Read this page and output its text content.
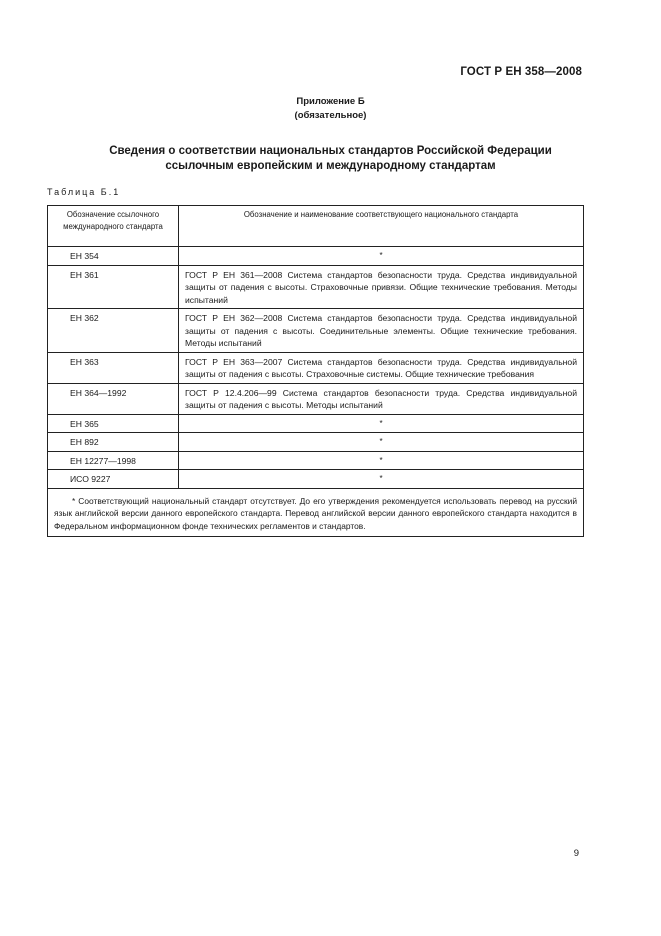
ГОСТ Р ЕН 358—2008
Приложение Б
(обязательное)
Сведения о соответствии национальных стандартов Российской Федерации
ссылочным европейским и международному стандартам
Таблица Б.1
Обозначение ссылочного
международного стандарта	Обозначение и наименование соответствующего национального стандарта
ЕН 354	*
ЕН 361	ГОСТ Р ЕН 361—2008 Система стандартов безопасности труда. Средства индивидуальной защиты от падения с высоты. Страховочные привязи. Общие технические требования. Методы испытаний
ЕН 362	ГОСТ Р ЕН 362—2008 Система стандартов безопасности труда. Средства индивидуальной защиты от падения с высоты. Соединительные элементы. Общие технические требования. Методы испытаний
ЕН 363	ГОСТ Р ЕН 363—2007 Система стандартов безопасности труда. Средства индивидуальной защиты от падения с высоты. Страховочные системы. Общие технические требования
ЕН 364—1992	ГОСТ Р 12.4.206—99 Система стандартов безопасности труда. Средства индивидуальной защиты от падения с высоты. Методы испытаний
ЕН 365	*
ЕН 892	*
ЕН 12277—1998	*
ИСО 9227	*
* Соответствующий национальный стандарт отсутствует. До его утверждения рекомендуется использовать перевод на русский язык английской версии данного европейского стандарта. Перевод английской версии данного европейского стандарта находится в Федеральном информационном фонде технических регламентов и стандартов.	
9
